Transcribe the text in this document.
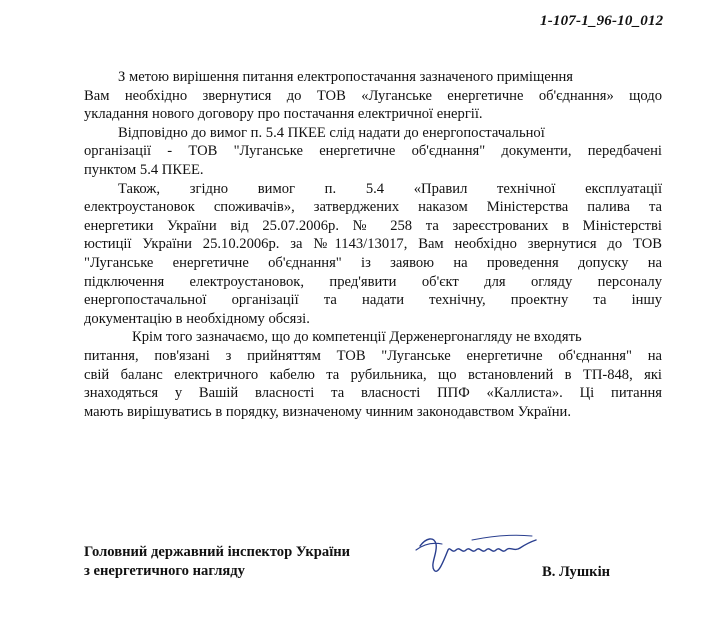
1-107-1_96-10_012
З метою вирішення питання електропостачання зазначеного приміщення
Вам необхідно звернутися до ТОВ «Луганське енергетичне об'єднання» щодо
укладання нового договору про постачання електричної енергії.
Відповідно до вимог п. 5.4 ПКЕЕ слід надати до енергопостачальної
організації - ТОВ "Луганське енергетичне об'єднання" документи, передбачені
пунктом 5.4 ПКЕЕ.
Також, згідно вимог п. 5.4 «Правил технічної експлуатації
електроустановок споживачів», затверджених наказом Міністерства палива та
енергетики України від 25.07.2006р. № 258 та зареєстрованих в Міністерстві
юстиції України 25.10.2006р. за №1143/13017, Вам необхідно звернутися до ТОВ
"Луганське енергетичне об'єднання" із заявою на проведення допуску на
підключення електроустановок, пред'явити об'єкт для огляду персоналу
енергопостачальної організації та надати технічну, проектну та іншу
документацію в необхідному обсязі.
Крім того зазначаємо, що до компетенції Держенергонагляду не входять
питання, пов'язані з прийняттям ТОВ "Луганське енергетичне об'єднання" на
свій баланс електричного кабелю та рубильника, що встановлений в ТП-848, які
знаходяться у Вашій власності та власності ППФ «Каллиста». Ці питання
мають вирішуватись в порядку, визначеному чинним законодавством України.
Головний державний інспектор України
з енергетичного нагляду	В. Лушкін
